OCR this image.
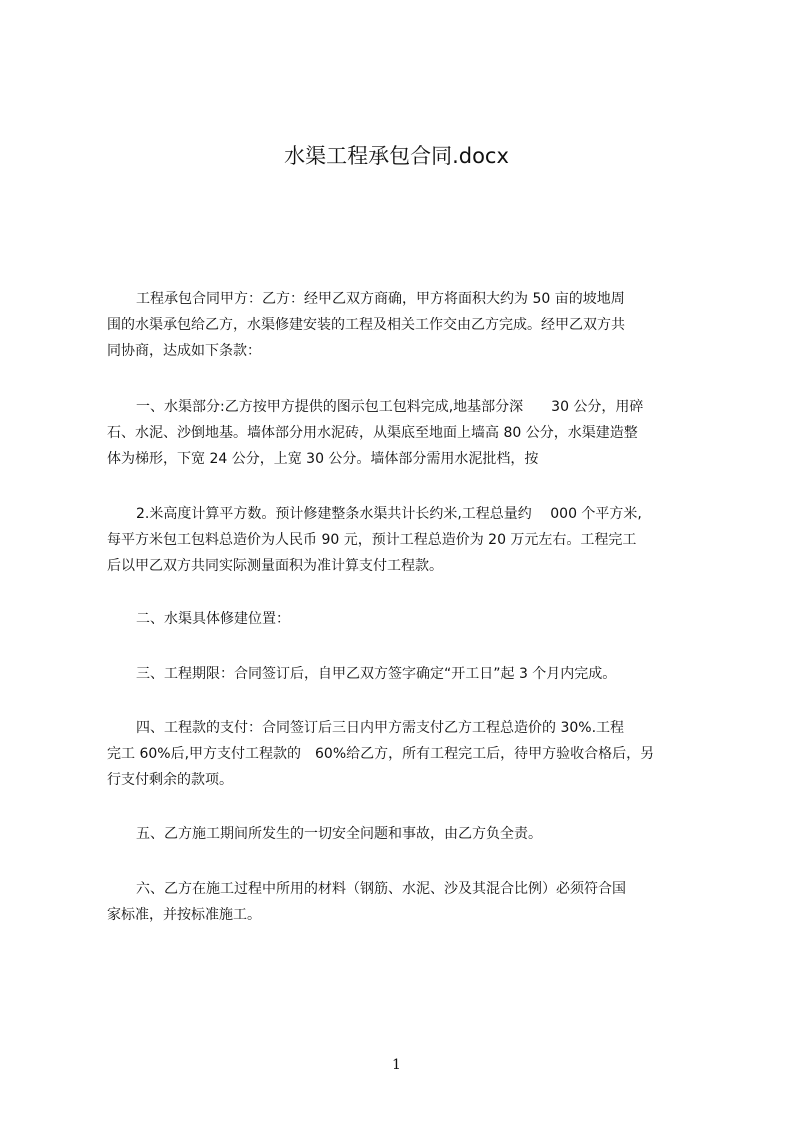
水渠工程承包合同.docx
工程承包合同甲方：乙方：经甲乙双方商确，甲方将面积大约为 50 亩的坡地周
围的水渠承包给乙方，水渠修建安装的工程及相关工作交由乙方完成。经甲乙双方共
同协商，达成如下条款：
一、水渠部分:乙方按甲方提供的图示包工包料完成,地基部分深　　30 公分，用碎
石、水泥、沙倒地基。墙体部分用水泥砖，从渠底至地面上墙高 80 公分，水渠建造整
体为梯形，下宽 24 公分，上宽 30 公分。墙体部分需用水泥批档，按
2.米高度计算平方数。预计修建整条水渠共计长约米,工程总量约　 000 个平方米,
每平方米包工包料总造价为人民币 90 元，预计工程总造价为 20 万元左右。工程完工
后以甲乙双方共同实际测量面积为准计算支付工程款。
二、水渠具体修建位置：
三、工程期限：合同签订后，自甲乙双方签字确定“开工日”起 3 个月内完成。
四、工程款的支付：合同签订后三日内甲方需支付乙方工程总造价的 30%.工程
完工 60%后,甲方支付工程款的　60%给乙方，所有工程完工后，待甲方验收合格后，另
行支付剩余的款项。
五、乙方施工期间所发生的一切安全问题和事故，由乙方负全责。
六、乙方在施工过程中所用的材料（钢筋、水泥、沙及其混合比例）必须符合国
家标准，并按标准施工。
1
